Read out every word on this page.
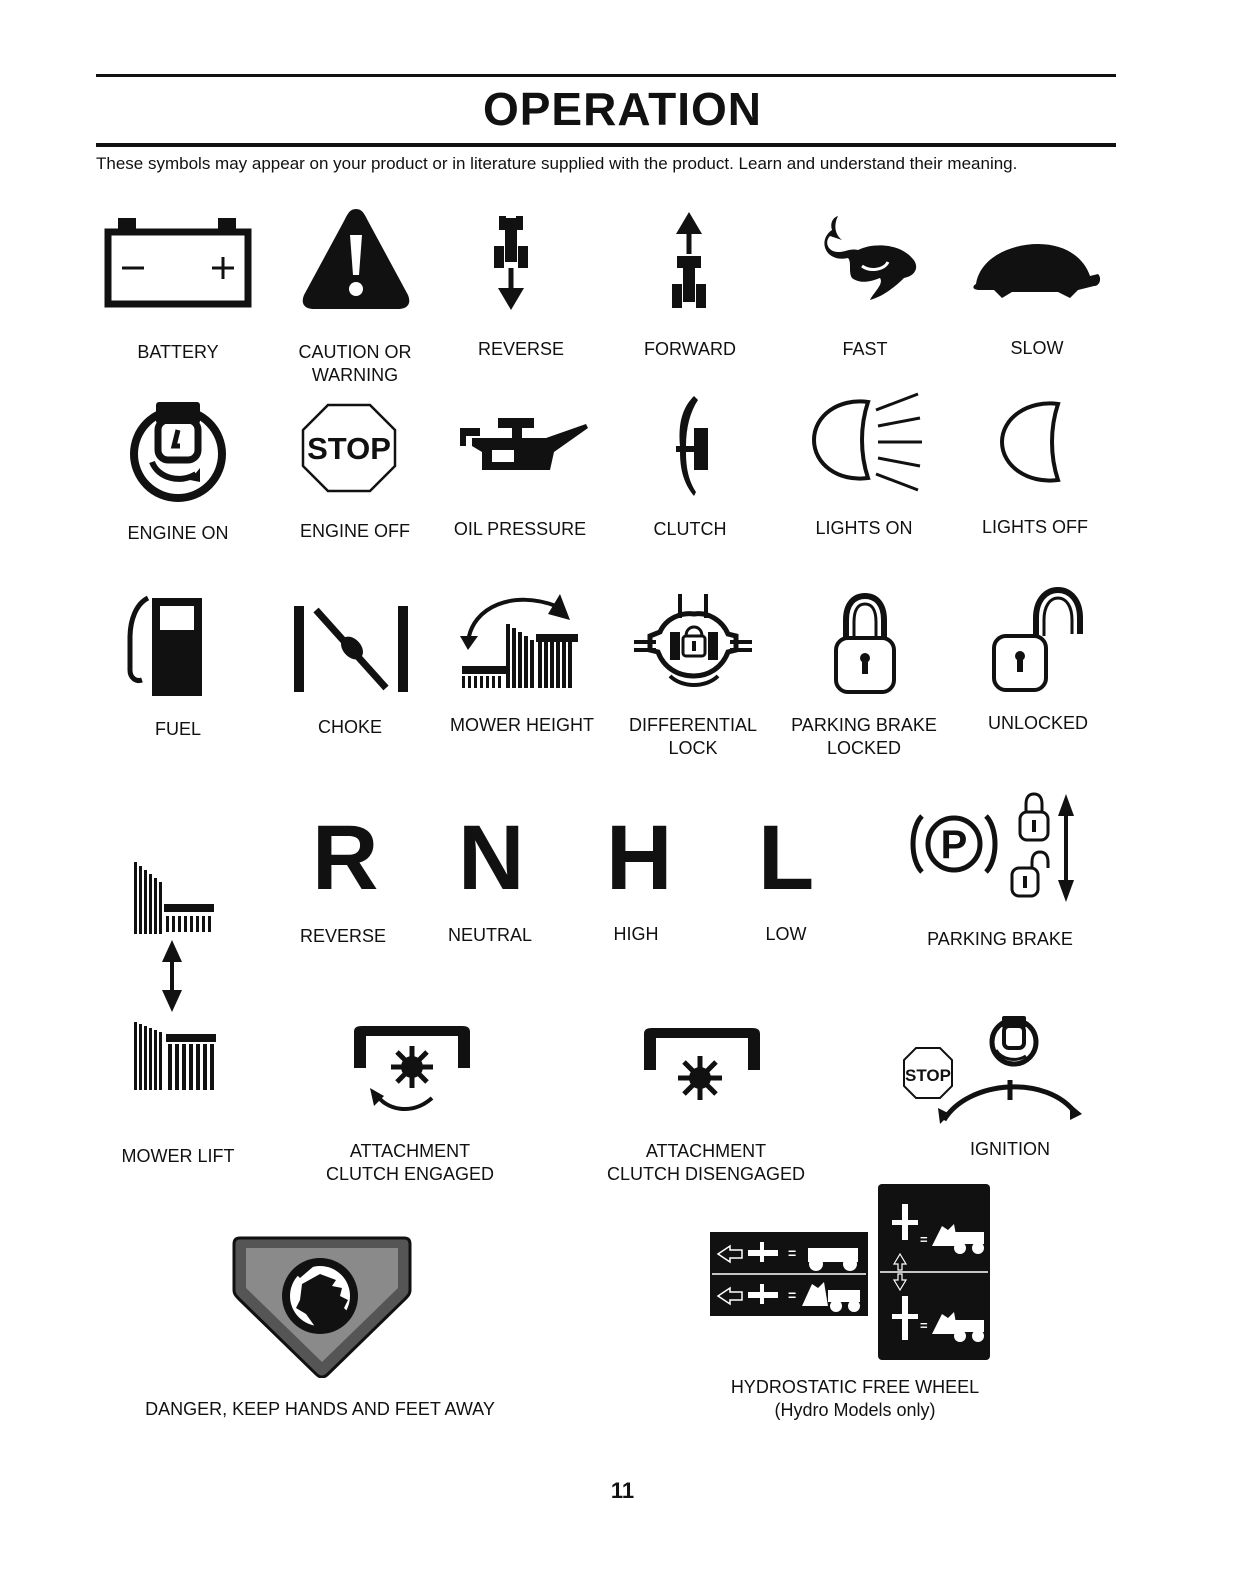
OPERATION
These symbols may appear on your product or in literature supplied with the product. Learn and understand their meaning.
BATTERY	CAUTION OR
WARNING
REVERSE	FORWARD	FAST	SLOW
ENGINE ON
STOP
ENGINE OFF	OIL PRESSURE	CLUTCH	LIGHTS ON	LIGHTS OFF
FUEL	CHOKE	MOWER HEIGHT	DIFFERENTIAL
LOCK
PARKING BRAKE
LOCKED
UNLOCKED
MOWER LIFT
R
REVERSE
N
NEUTRAL
H
HIGH
L
LOW
P
PARKING BRAKE
ATTACHMENT
CLUTCH ENGAGED
ATTACHMENT
CLUTCH DISENGAGED
STOP
IGNITION
DANGER, KEEP HANDS AND FEET AWAY
=
=
=
=
HYDROSTATIC FREE WHEEL
(Hydro Models only)
11
